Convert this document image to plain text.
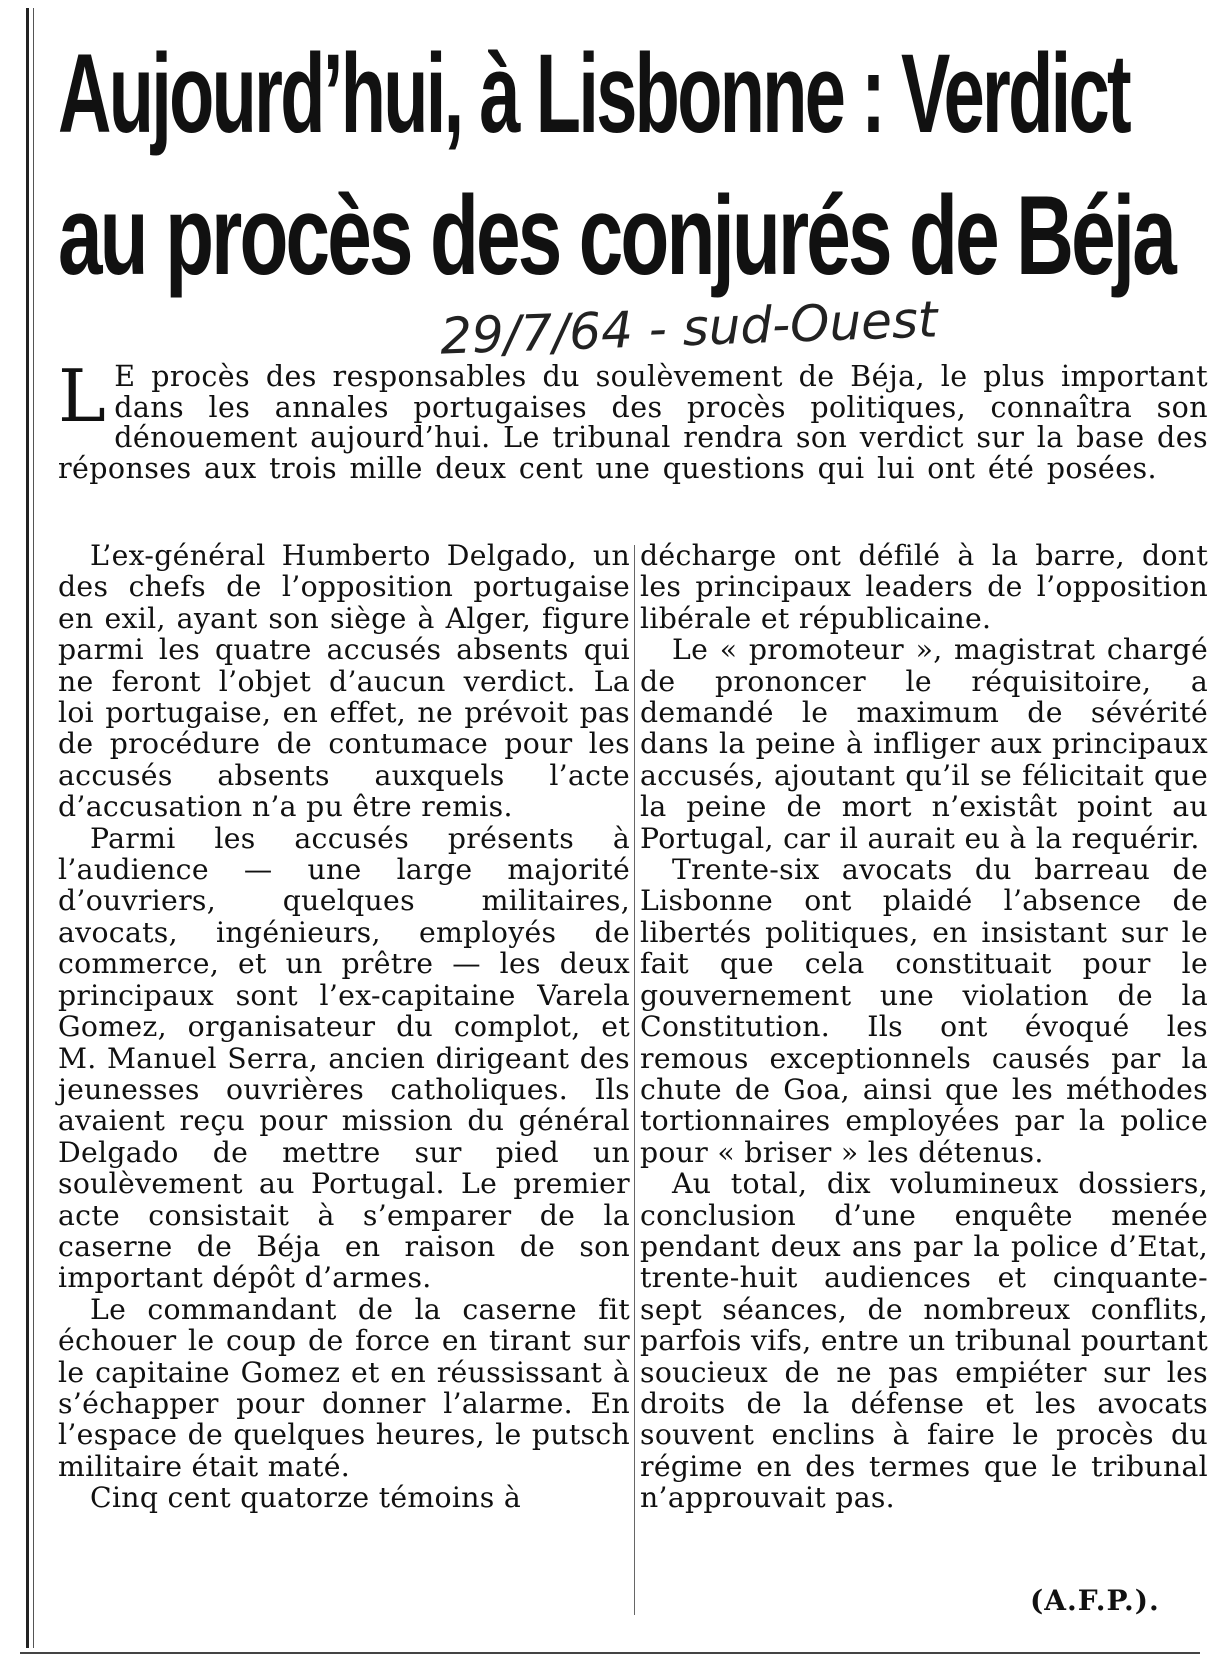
Aujourd’hui, à Lisbonne : Verdict
au procès des conjurés de Béja

29/7/64 - sud-Ouest

L E procès des responsables du soulèvement de Béja, le plus important dans les annales portugaises des procès politiques, connaîtra son dénouement aujourd’hui. Le tribunal rendra son verdict sur la base des réponses aux trois mille deux cent une questions qui lui ont été posées.

L’ex-général Humberto Delgado, un des chefs de l’opposition portugaise en exil, ayant son siège à Alger, figure parmi les quatre accusés absents qui ne feront l’objet d’aucun verdict. La loi portugaise, en effet, ne prévoit pas de procédure de contumace pour les accusés absents auxquels l’acte d’accusation n’a pu être remis.

Parmi les accusés présents à l’audience — une large majorité d’ouvriers, quelques militaires, avocats, ingénieurs, employés de commerce, et un prêtre — les deux principaux sont l’ex-capitaine Varela Gomez, organisateur du complot, et M. Manuel Serra, ancien dirigeant des jeunesses ouvrières catholiques. Ils avaient reçu pour mission du général Delgado de mettre sur pied un soulèvement au Portugal. Le premier acte consistait à s’emparer de la caserne de Béja en raison de son important dépôt d’armes.

Le commandant de la caserne fit échouer le coup de force en tirant sur le capitaine Gomez et en réussissant à s’échapper pour donner l’alarme. En l’espace de quelques heures, le putsch militaire était maté.

Cinq cent quatorze témoins à

décharge ont défilé à la barre, dont les principaux leaders de l’opposition libérale et républicaine.

Le « promoteur », magistrat chargé de prononcer le réquisitoire, a demandé le maximum de sévérité dans la peine à infliger aux principaux accusés, ajoutant qu’il se félicitait que la peine de mort n’existât point au Portugal, car il aurait eu à la requérir.

Trente-six avocats du barreau de Lisbonne ont plaidé l’absence de libertés politiques, en insistant sur le fait que cela constituait pour le gouvernement une violation de la Constitution. Ils ont évoqué les remous exceptionnels causés par la chute de Goa, ainsi que les méthodes tortionnaires employées par la police pour « briser » les détenus.

Au total, dix volumineux dossiers, conclusion d’une enquête menée pendant deux ans par la police d’Etat, trente-huit audiences et cinquante-sept séances, de nombreux conflits, parfois vifs, entre un tribunal pourtant soucieux de ne pas empiéter sur les droits de la défense et les avocats souvent enclins à faire le procès du régime en des termes que le tribunal n’approuvait pas.

(A.F.P.).
